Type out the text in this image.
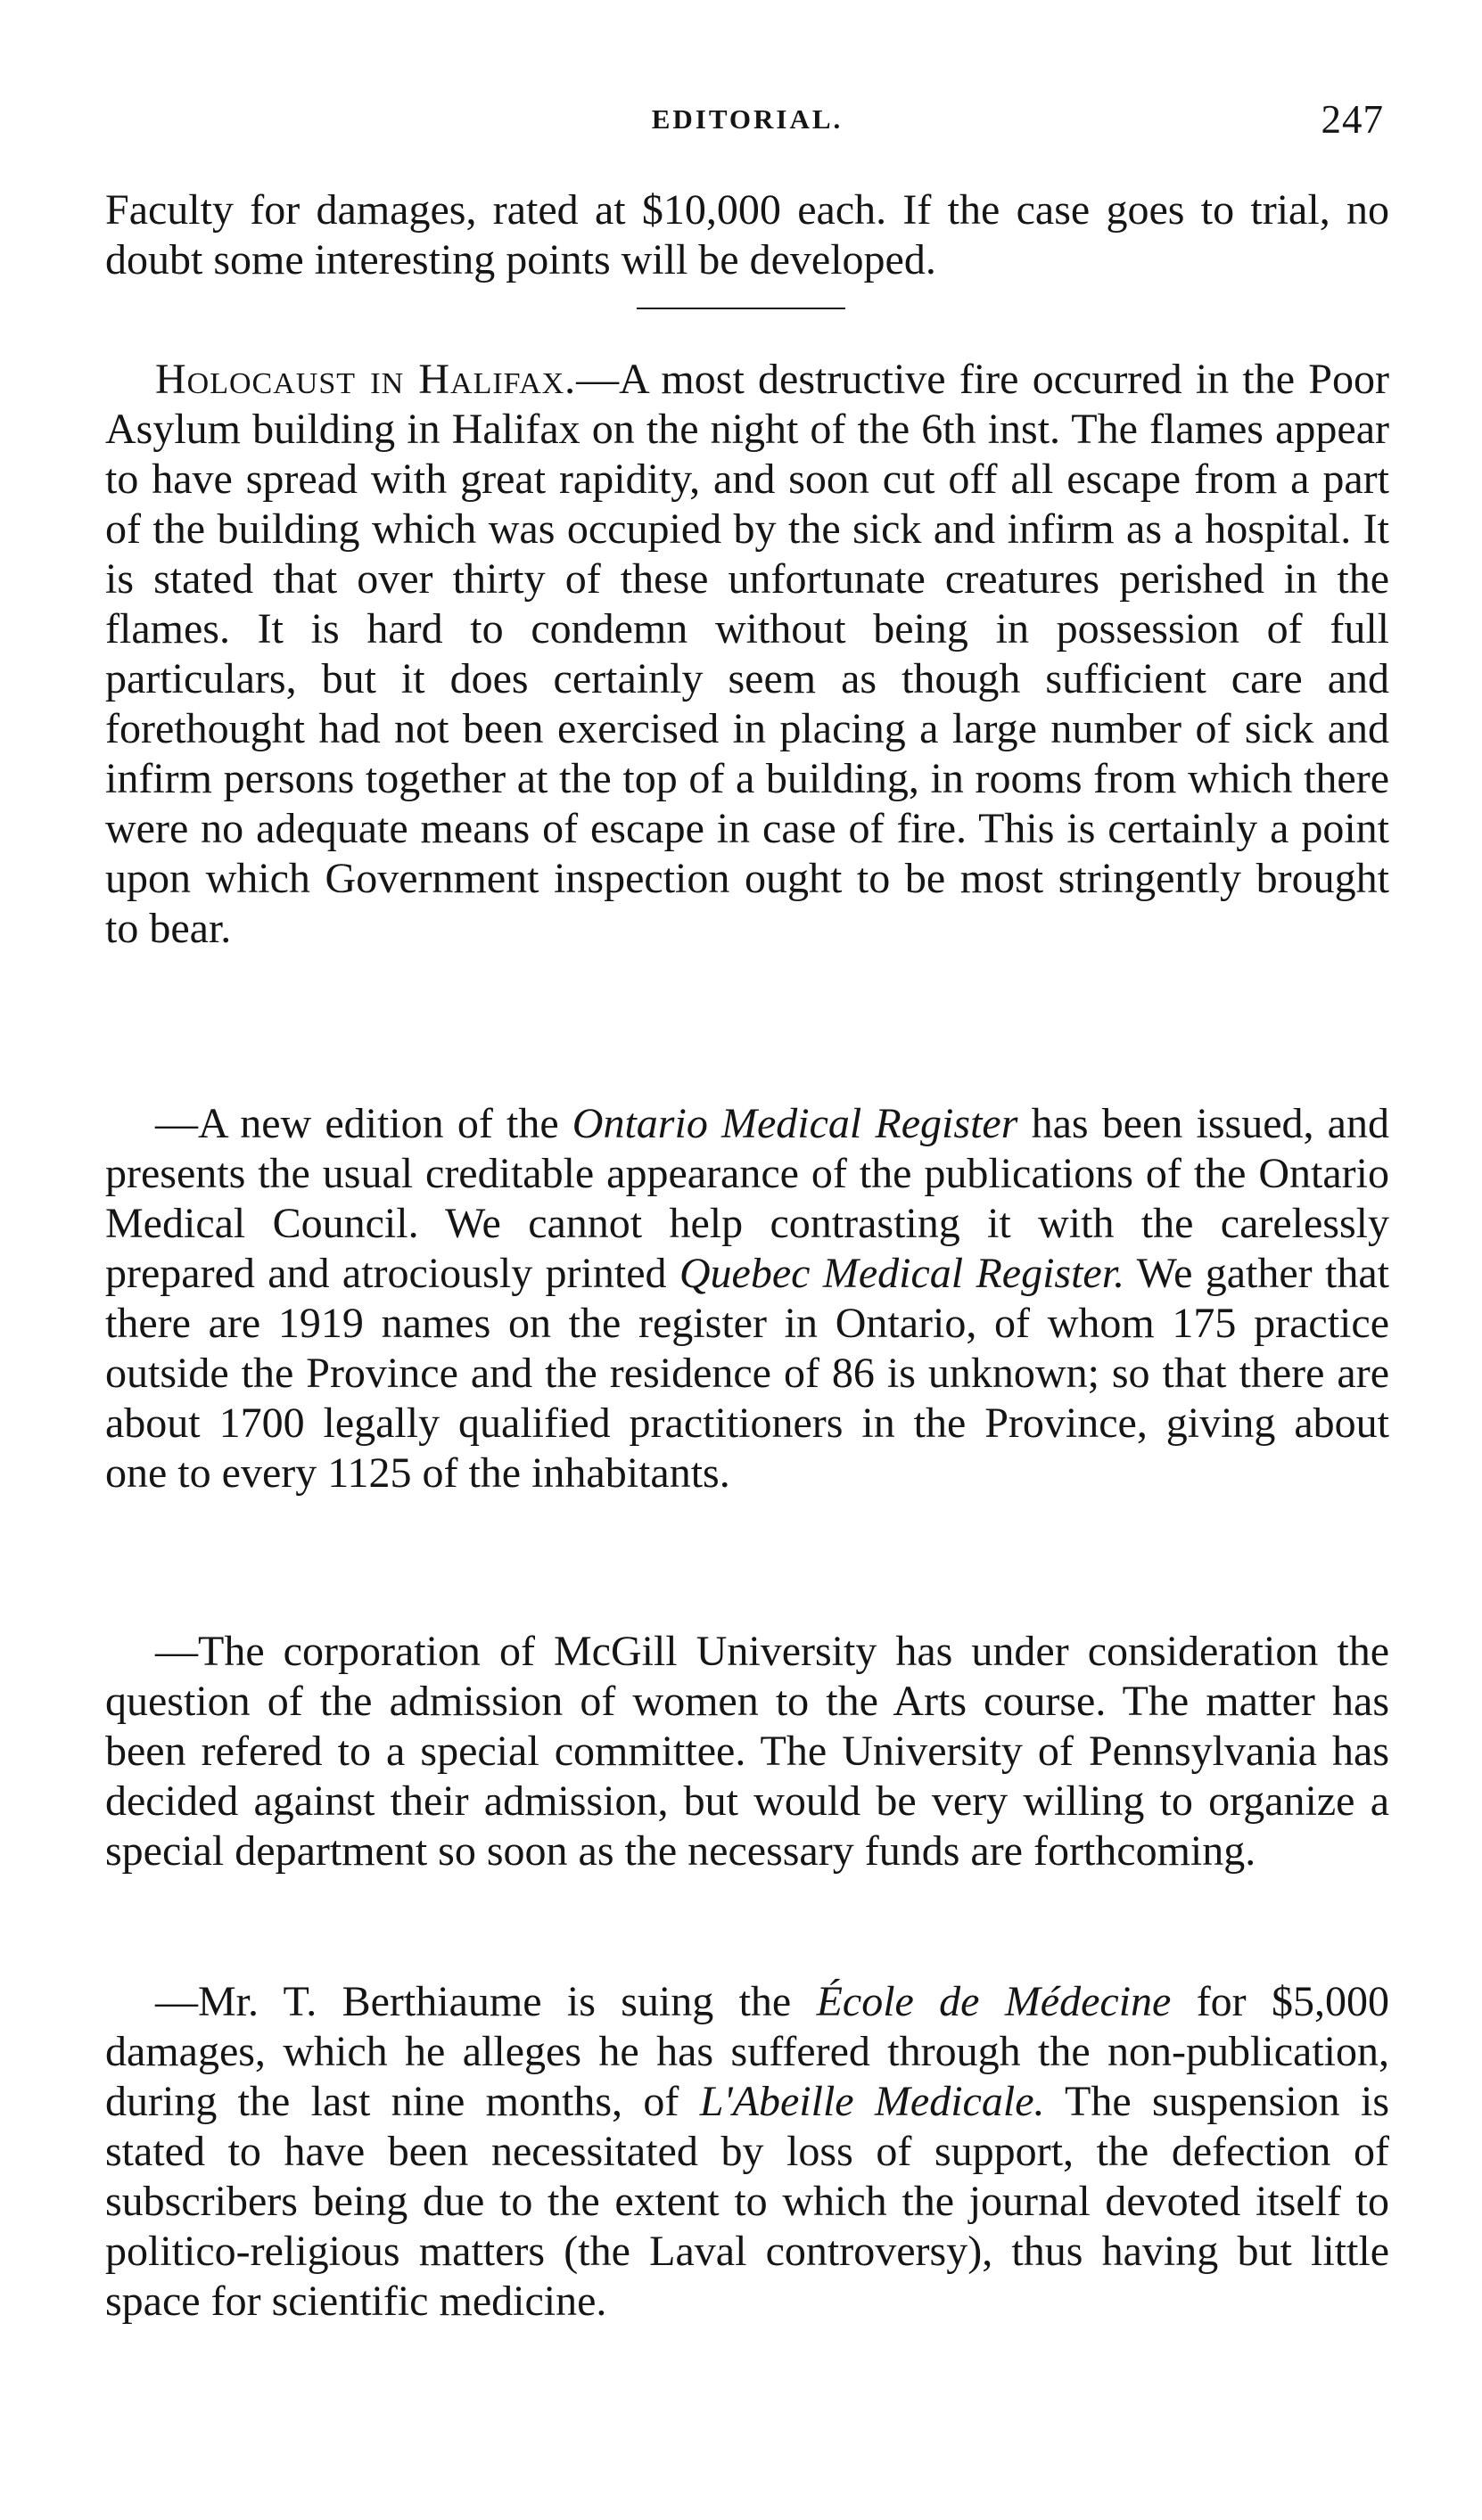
EDITORIAL.	247

Faculty for damages, rated at $10,000 each. If the case goes to trial, no doubt some interesting points will be developed.

Holocaust in Halifax.—A most destructive fire occurred in the Poor Asylum building in Halifax on the night of the 6th inst. The flames appear to have spread with great rapidity, and soon cut off all escape from a part of the building which was occupied by the sick and infirm as a hospital. It is stated that over thirty of these unfortunate creatures perished in the flames. It is hard to condemn without being in possession of full particulars, but it does certainly seem as though sufficient care and forethought had not been exercised in placing a large number of sick and infirm persons together at the top of a building, in rooms from which there were no adequate means of escape in case of fire. This is certainly a point upon which Government inspection ought to be most stringently brought to bear.

—A new edition of the Ontario Medical Register has been issued, and presents the usual creditable appearance of the publications of the Ontario Medical Council. We cannot help contrasting it with the carelessly prepared and atrociously printed Quebec Medical Register. We gather that there are 1919 names on the register in Ontario, of whom 175 practice outside the Province and the residence of 86 is unknown; so that there are about 1700 legally qualified practitioners in the Province, giving about one to every 1125 of the inhabitants.

—The corporation of McGill University has under consideration the question of the admission of women to the Arts course. The matter has been refered to a special committee. The University of Pennsylvania has decided against their admission, but would be very willing to organize a special department so soon as the necessary funds are forthcoming.

—Mr. T. Berthiaume is suing the École de Médecine for $5,000 damages, which he alleges he has suffered through the non-publication, during the last nine months, of L'Abeille Medicale. The suspension is stated to have been necessitated by loss of support, the defection of subscribers being due to the extent to which the journal devoted itself to politico-religious matters (the Laval controversy), thus having but little space for scientific medicine.
